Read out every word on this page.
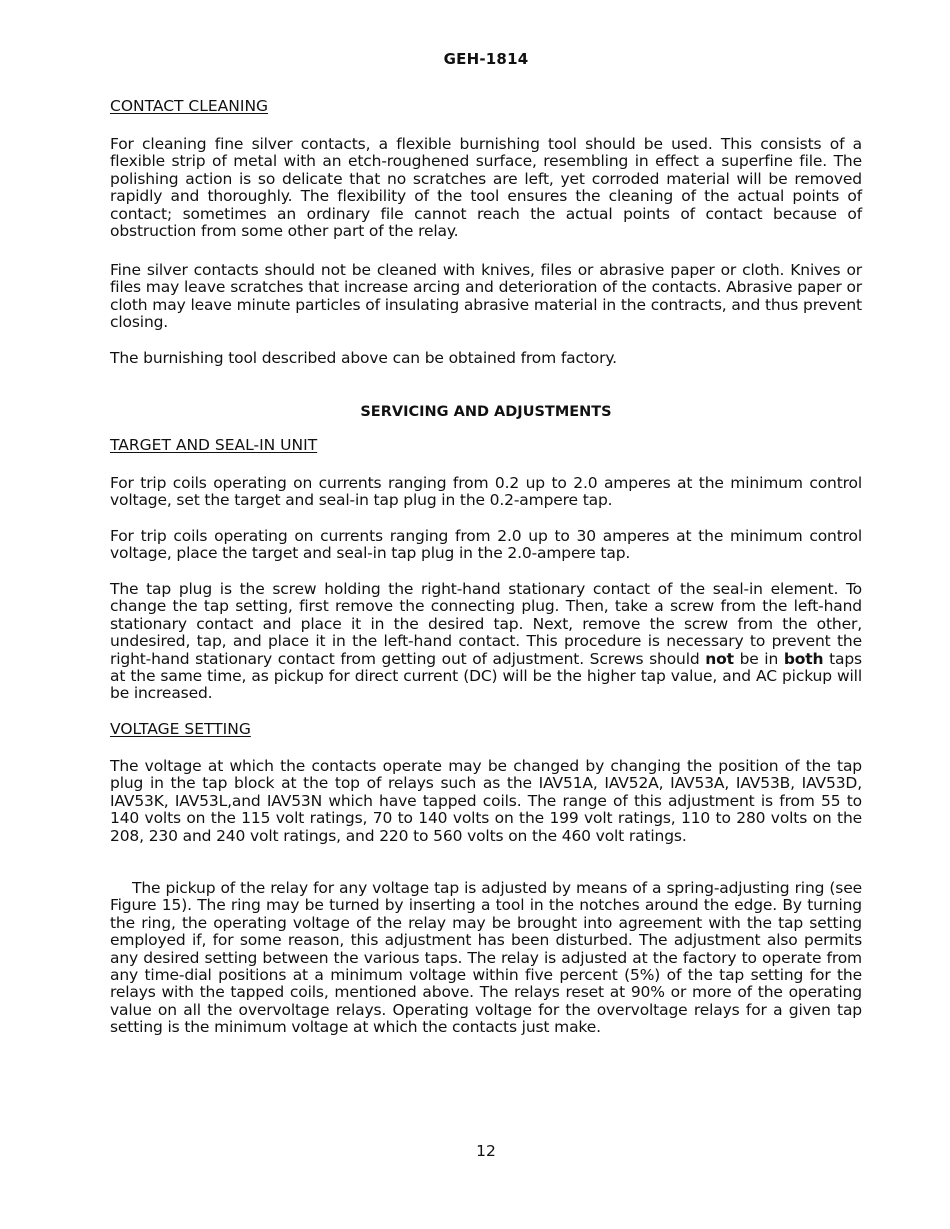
GEH-1814
CONTACT CLEANING

For cleaning fine silver contacts, a flexible burnishing tool should be used. This consists of a flexible strip of metal with an etch-roughened surface, resembling in effect a superfine file. The polishing action is so delicate that no scratches are left, yet corroded material will be removed rapidly and thoroughly. The flexibility of the tool ensures the cleaning of the actual points of contact; sometimes an ordinary file cannot reach the actual points of contact because of obstruction from some other part of the relay.

Fine silver contacts should not be cleaned with knives, files or abrasive paper or cloth. Knives or files may leave scratches that increase arcing and deterioration of the contacts. Abrasive paper or cloth may leave minute particles of insulating abrasive material in the contracts, and thus prevent closing.

The burnishing tool described above can be obtained from factory.

SERVICING AND ADJUSTMENTS
TARGET AND SEAL-IN UNIT

For trip coils operating on currents ranging from 0.2 up to 2.0 amperes at the minimum control voltage, set the target and seal-in tap plug in the 0.2-ampere tap.

For trip coils operating on currents ranging from 2.0 up to 30 amperes at the minimum control voltage, place the target and seal-in tap plug in the 2.0-ampere tap.

The tap plug is the screw holding the right-hand stationary contact of the seal-in element. To change the tap setting, first remove the connecting plug. Then, take a screw from the left-hand stationary contact and place it in the desired tap. Next, remove the screw from the other, undesired, tap, and place it in the left-hand contact. This procedure is necessary to prevent the right-hand stationary contact from getting out of adjustment. Screws should not be in both taps at the same time, as pickup for direct current (DC) will be the higher tap value, and AC pickup will be increased.

VOLTAGE SETTING

The voltage at which the contacts operate may be changed by changing the position of the tap plug in the tap block at the top of relays such as the IAV51A, IAV52A, IAV53A, IAV53B, IAV53D, IAV53K, IAV53L,and IAV53N which have tapped coils. The range of this adjustment is from 55 to 140 volts on the 115 volt ratings, 70 to 140 volts on the 199 volt ratings, 110 to 280 volts on the 208, 230 and 240 volt ratings, and 220 to 560 volts on the 460 volt ratings.

The pickup of the relay for any voltage tap is adjusted by means of a spring-adjusting ring (see Figure 15). The ring may be turned by inserting a tool in the notches around the edge. By turning the ring, the operating voltage of the relay may be brought into agreement with the tap setting employed if, for some reason, this adjustment has been disturbed. The adjustment also permits any desired setting between the various taps. The relay is adjusted at the factory to operate from any time-dial positions at a minimum voltage within five percent (5%) of the tap setting for the relays with the tapped coils, mentioned above. The relays reset at 90% or more of the operating value on all the overvoltage relays. Operating voltage for the overvoltage relays for a given tap setting is the minimum voltage at which the contacts just make.

12
